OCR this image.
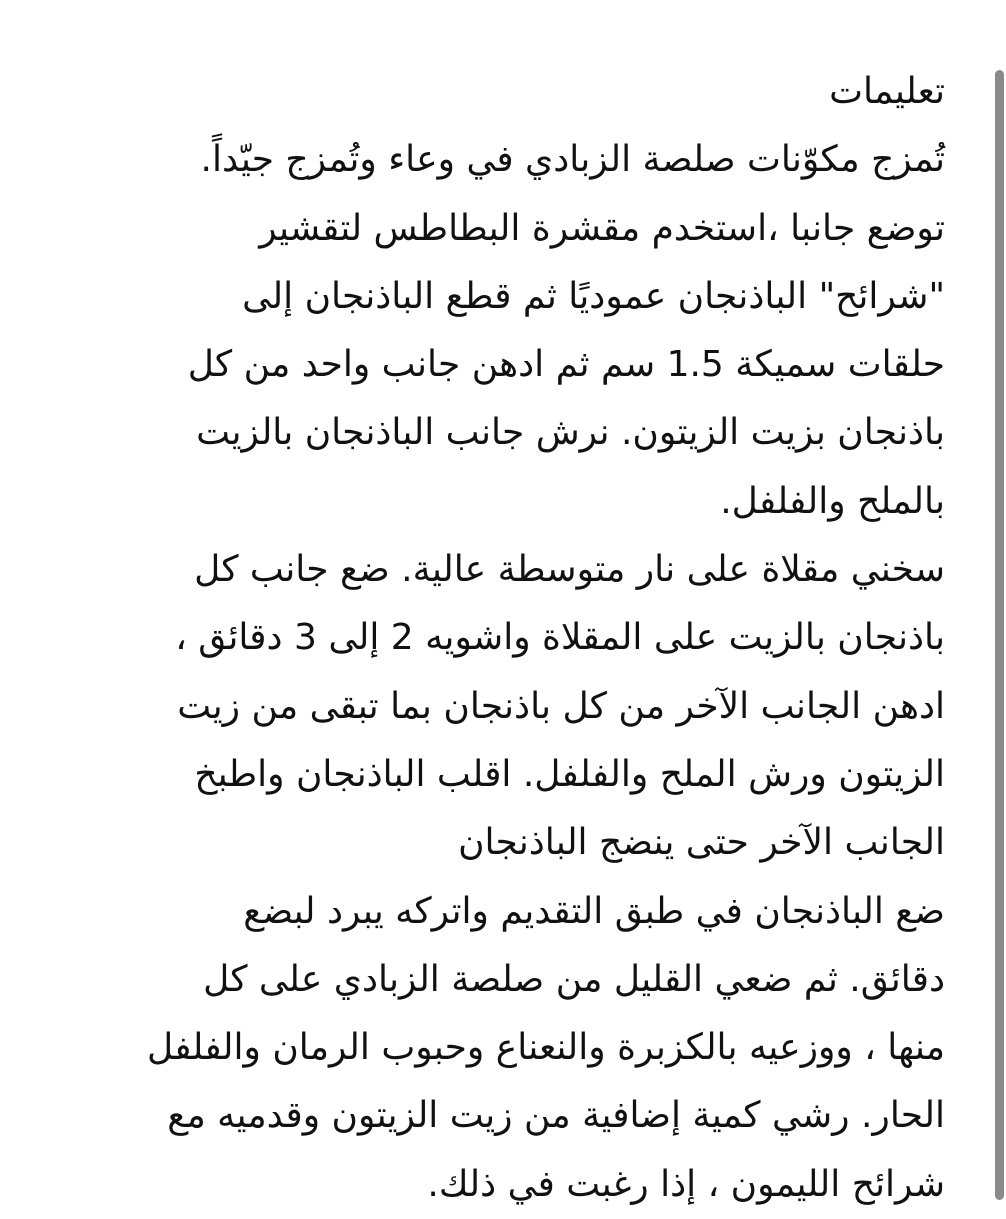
تعليمات
تُمزج مكوّنات صلصة الزبادي في وعاء وتُمزج جيّداً.
توضع جانبا ،استخدم مقشرة البطاطس لتقشير
"شرائح" الباذنجان عموديًا ثم قطع الباذنجان إلى
حلقات سميكة 1.5 سم ثم ادهن جانب واحد من كل
باذنجان بزيت الزيتون. نرش جانب الباذنجان بالزيت
بالملح والفلفل.
سخني مقلاة على نار متوسطة عالية. ضع جانب كل
باذنجان بالزيت على المقلاة واشويه 2 إلى 3 دقائق ،
ادهن الجانب الآخر من كل باذنجان بما تبقى من زيت
الزيتون ورش الملح والفلفل. اقلب الباذنجان واطبخ
الجانب الآخر حتى ينضج الباذنجان
ضع الباذنجان في طبق التقديم واتركه يبرد لبضع
دقائق. ثم ضعي القليل من صلصة الزبادي على كل
منها ، ووزعيه بالكزبرة والنعناع وحبوب الرمان والفلفل
الحار. رشي كمية إضافية من زيت الزيتون وقدميه مع
شرائح الليمون ، إذا رغبت في ذلك.
